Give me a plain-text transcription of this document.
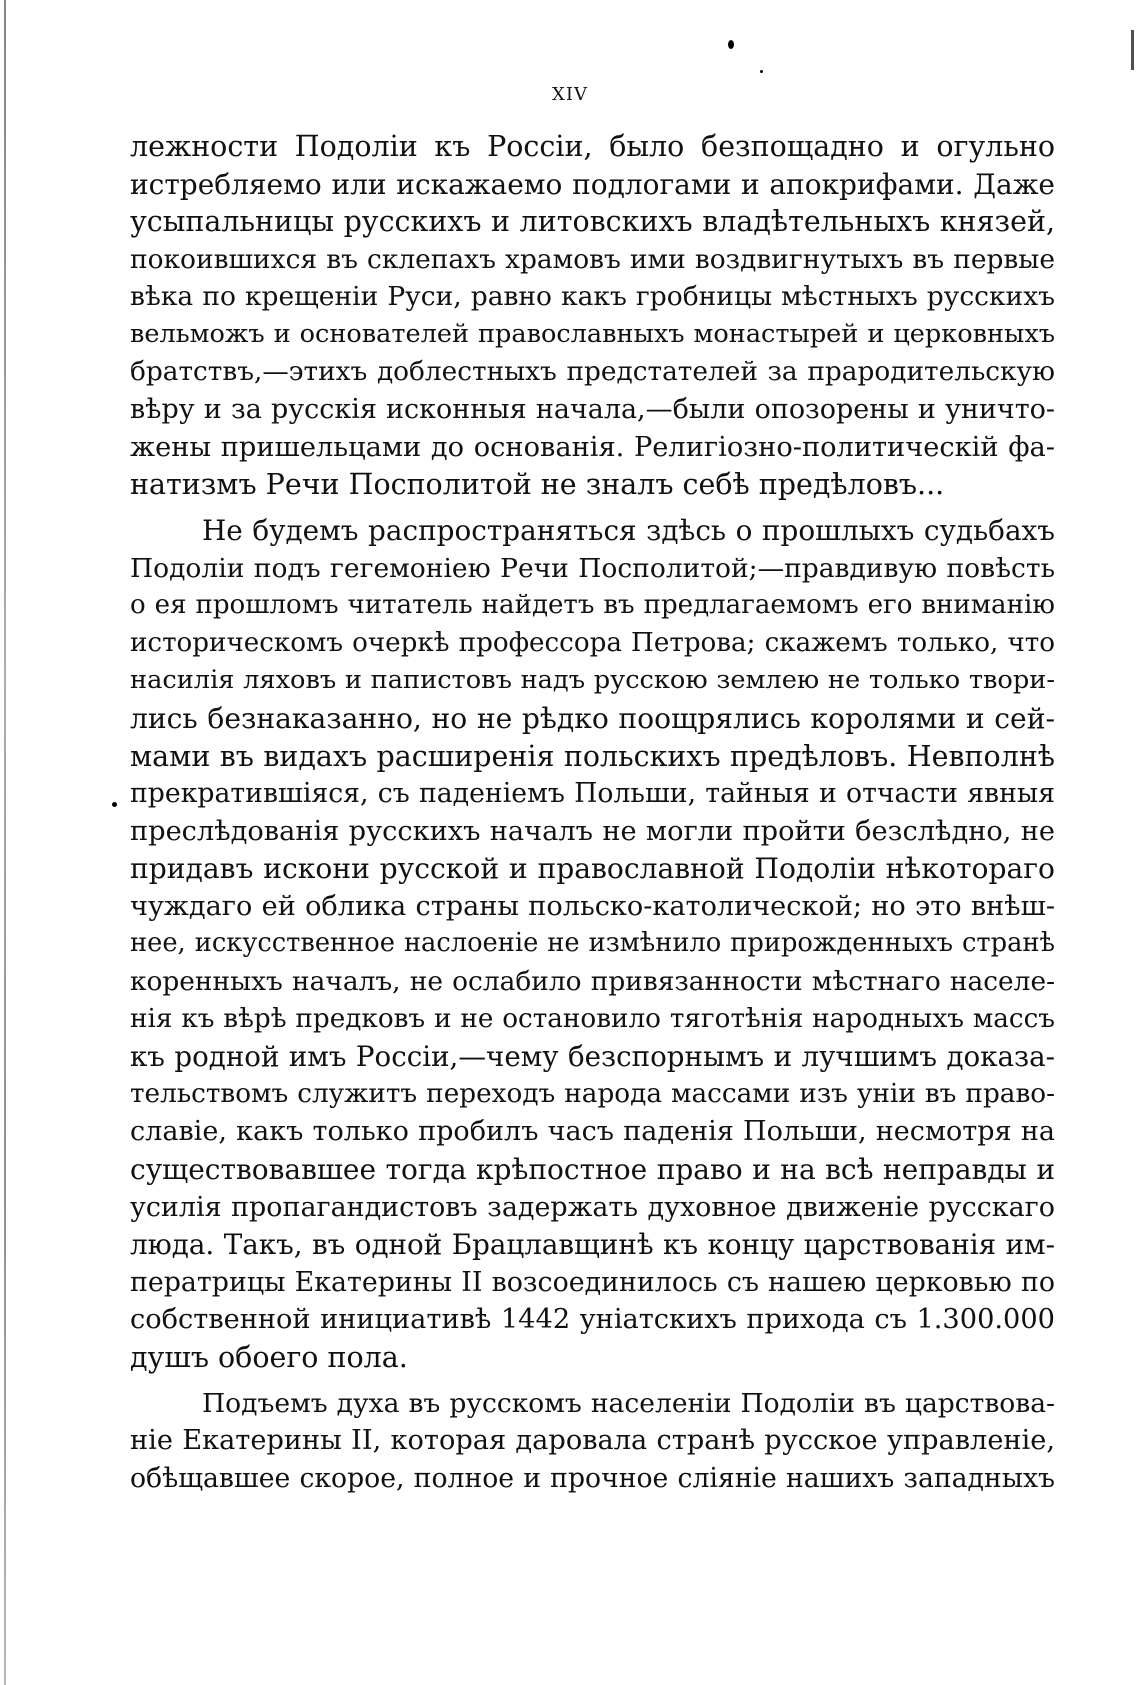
XIV

лежности Подоліи къ Россіи, было безпощадно и огульно
истребляемо или искажаемо подлогами и апокрифами. Даже
усыпальницы русскихъ и литовскихъ владѣтельныхъ князей,
покоившихся въ склепахъ храмовъ ими воздвигнутыхъ въ первые
вѣка по крещеніи Руси, равно какъ гробницы мѣстныхъ русскихъ
вельможъ и основателей православныхъ монастырей и церковныхъ
братствъ,—этихъ доблестныхъ предстателей за прародительскую
вѣру и за русскія исконныя начала,—были опозорены и уничто-
жены пришельцами до основанія. Религіозно-политическій фа-
натизмъ Речи Посполитой не зналъ себѣ предѣловъ...

Не будемъ распространяться здѣсь о прошлыхъ судьбахъ
Подоліи подъ гегемоніею Речи Посполитой;—правдивую повѣсть
о ея прошломъ читатель найдетъ въ предлагаемомъ его вниманію
историческомъ очеркѣ профессора Петрова; скажемъ только, что
насилія ляховъ и папистовъ надъ русскою землею не только твори-
лись безнаказанно, но не рѣдко поощрялись королями и сей-
мами въ видахъ расширенія польскихъ предѣловъ. Невполнѣ
прекратившіяся, съ паденіемъ Польши, тайныя и отчасти явныя
преслѣдованія русскихъ началъ не могли пройти безслѣдно, не
придавъ искони русской и православной Подоліи нѣкотораго
чуждаго ей облика страны польско-католической; но это внѣш-
нее, искусственное наслоеніе не измѣнило прирожденныхъ странѣ
коренныхъ началъ, не ослабило привязанности мѣстнаго населе-
нія къ вѣрѣ предковъ и не остановило тяготѣнія народныхъ массъ
къ родной имъ Россіи,—чему безспорнымъ и лучшимъ доказа-
тельствомъ служитъ переходъ народа массами изъ уніи въ право-
славіе, какъ только пробилъ часъ паденія Польши, несмотря на
существовавшее тогда крѣпостное право и на всѣ неправды и
усилія пропагандистовъ задержать духовное движеніе русскаго
люда. Такъ, въ одной Брацлавщинѣ къ концу царствованія им-
ператрицы Екатерины II возсоединилось съ нашею церковью по
собственной инициативѣ 1442 уніатскихъ прихода съ 1.300.000
душъ обоего пола.

Подъемъ духа въ русскомъ населеніи Подоліи въ царствова-
ніе Екатерины II, которая даровала странѣ русское управленіе,
обѣщавшее скорое, полное и прочное сліяніе нашихъ западныхъ
